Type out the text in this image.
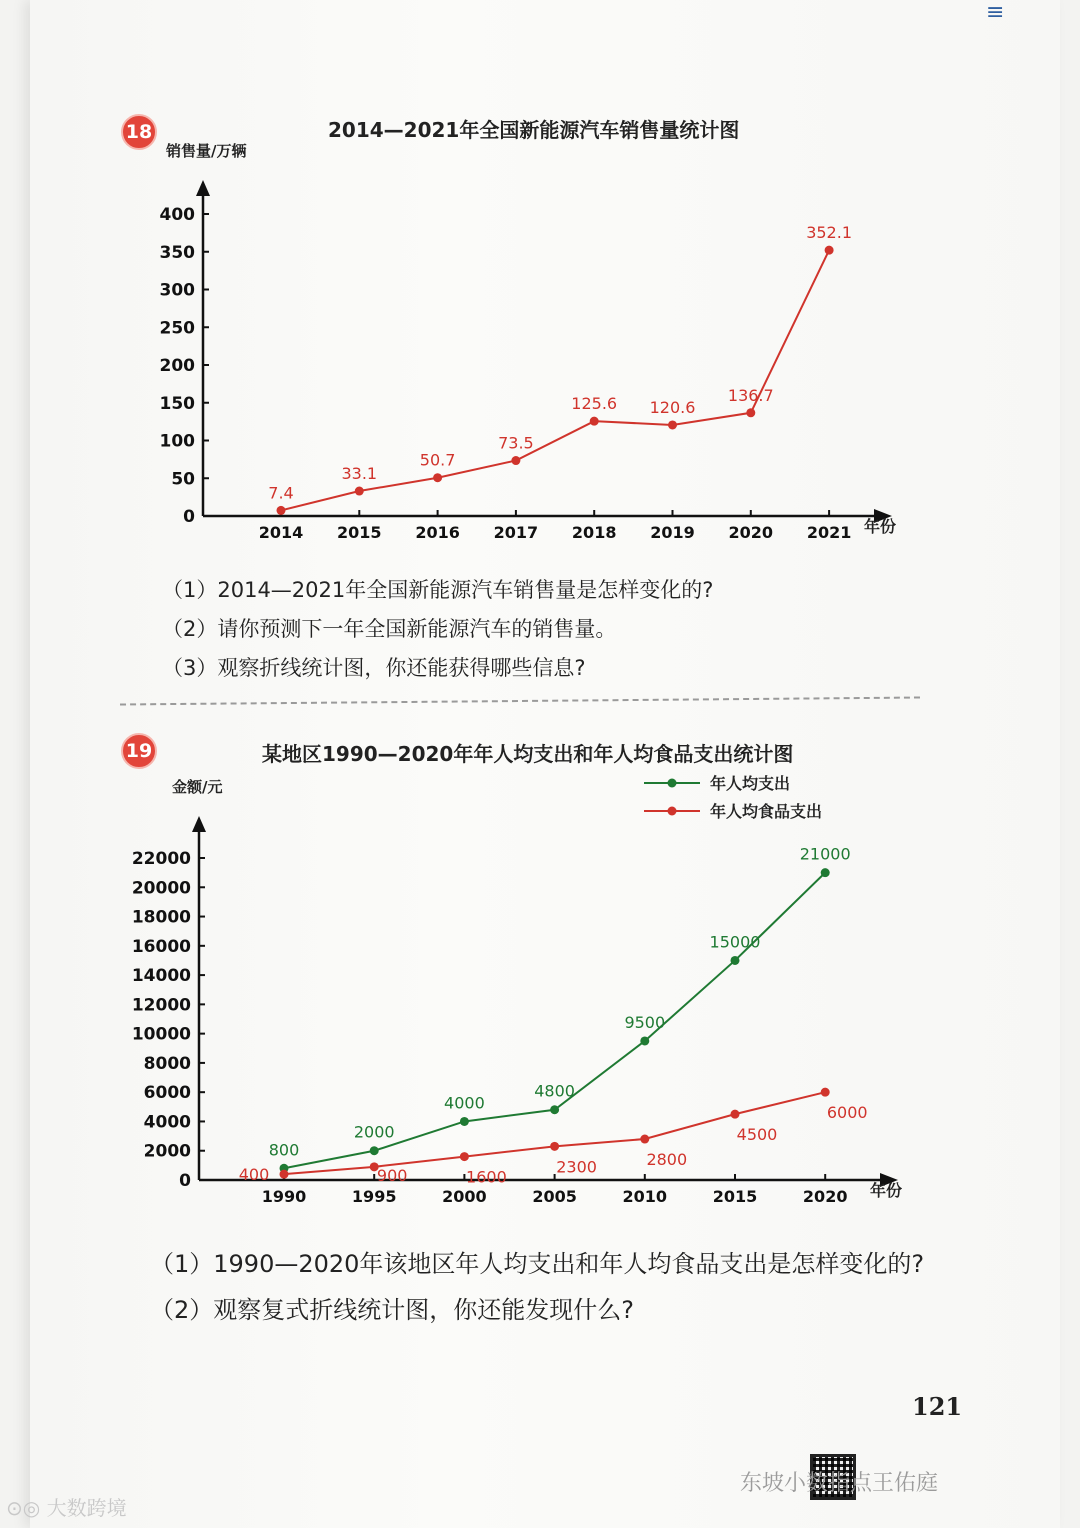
≡
18	2014—2021年全国新能源汽车销售量统计图
销售量/万辆
年份
0
50
100
150
200
250
300
350
400
2014 2015 2016 2017 2018 2019 2020 2021
7.4
33.1
50.7
73.5
125.6 120.6
136.7
352.1
（1）2014—2021年全国新能源汽车销售量是怎样变化的?
（2）请你预测下一年全国新能源汽车的销售量。
（3）观察折线统计图，你还能获得哪些信息?
19	某地区1990—2020年年人均支出和年人均食品支出统计图
金额/元
年份
0
2000
4000
6000
8000
10000
12000
14000
16000
18000
20000
22000
1990	1995	2000	2005	2010	2015	2020
800
2000
4000
4800
9500
15000
21000
400	900	1600
2300	2800
4500
6000
年人均支出
年人均食品支出
（1）1990—2020年该地区年人均支出和年人均食品支出是怎样变化的?
（2）观察复式折线统计图，你还能发现什么?
121
⊙◎ 大数跨境
东坡小数指点王佑庭
